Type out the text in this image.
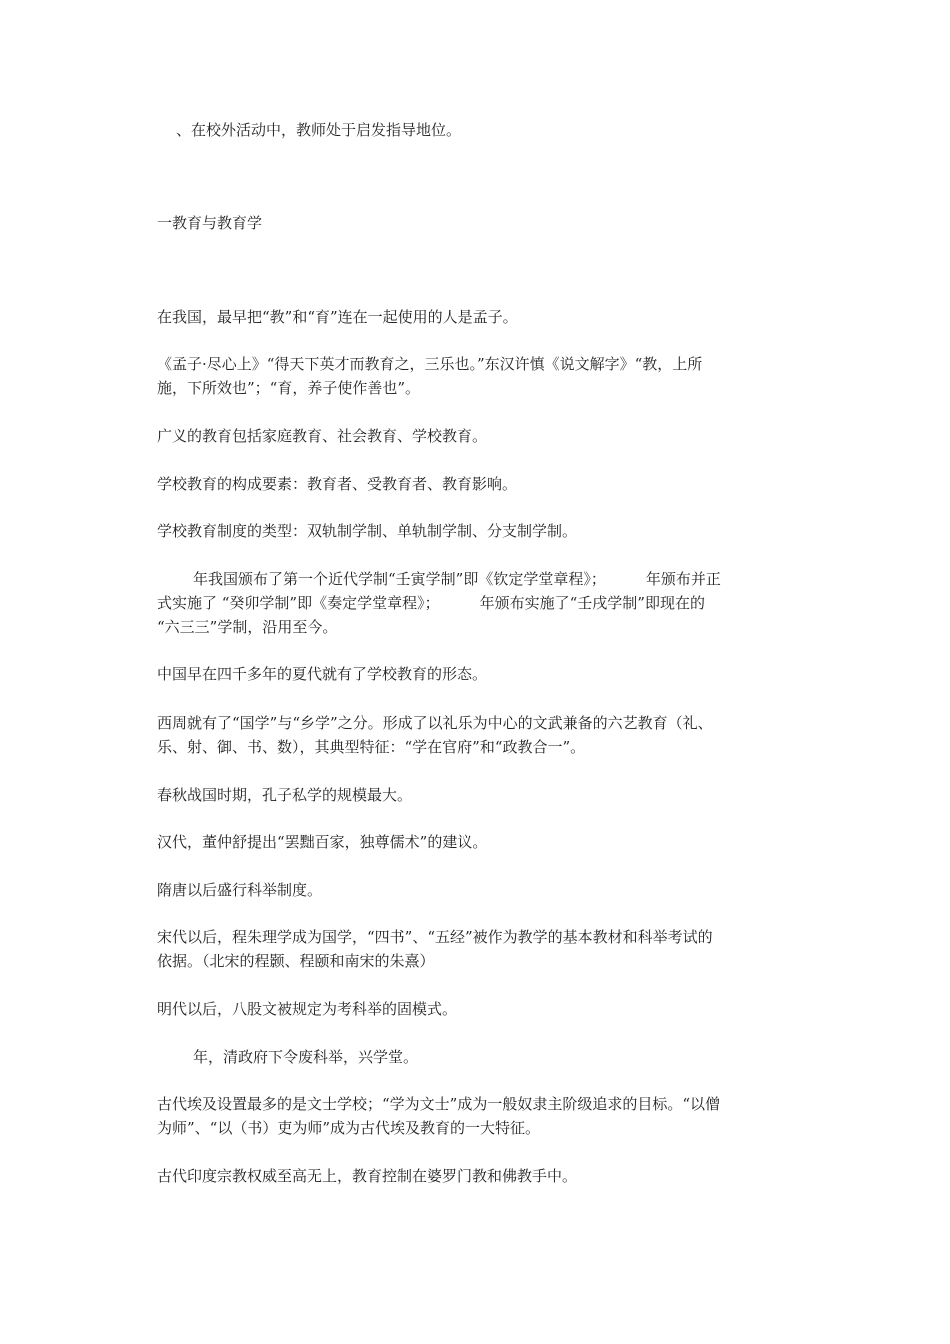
、在校外活动中，教师处于启发指导地位。

一教育与教育学

在我国，最早把“教”和“育”连在一起使用的人是孟子。

《孟子·尽心上》“得天下英才而教育之，三乐也。”东汉许慎《说文解字》“教，上所
施，下所效也”；“育，养子使作善也”。

广义的教育包括家庭教育、社会教育、学校教育。

学校教育的构成要素：教育者、受教育者、教育影响。

学校教育制度的类型：双轨制学制、单轨制学制、分支制学制。

年我国颁布了第一个近代学制“壬寅学制”即《钦定学堂章程》；	年颁布并正
式实施了 “癸卯学制”即《奏定学堂章程》；	年颁布实施了“壬戌学制”即现在的
“六三三”学制，沿用至今。

中国早在四千多年的夏代就有了学校教育的形态。

西周就有了“国学”与“乡学”之分。形成了以礼乐为中心的文武兼备的六艺教育（礼、
乐、射、御、书、数），其典型特征：“学在官府”和“政教合一”。

春秋战国时期，孔子私学的规模最大。

汉代，董仲舒提出“罢黜百家，独尊儒术”的建议。

隋唐以后盛行科举制度。

宋代以后，程朱理学成为国学，“四书”、“五经”被作为教学的基本教材和科举考试的
依据。（北宋的程颢、程颐和南宋的朱熹）

明代以后，八股文被规定为考科举的固模式。

年，清政府下令废科举，兴学堂。
古代埃及设置最多的是文士学校；“学为文士”成为一般奴隶主阶级追求的目标。“以僧
为师”、“以（书）吏为师”成为古代埃及教育的一大特征。

古代印度宗教权威至高无上，教育控制在婆罗门教和佛教手中。
